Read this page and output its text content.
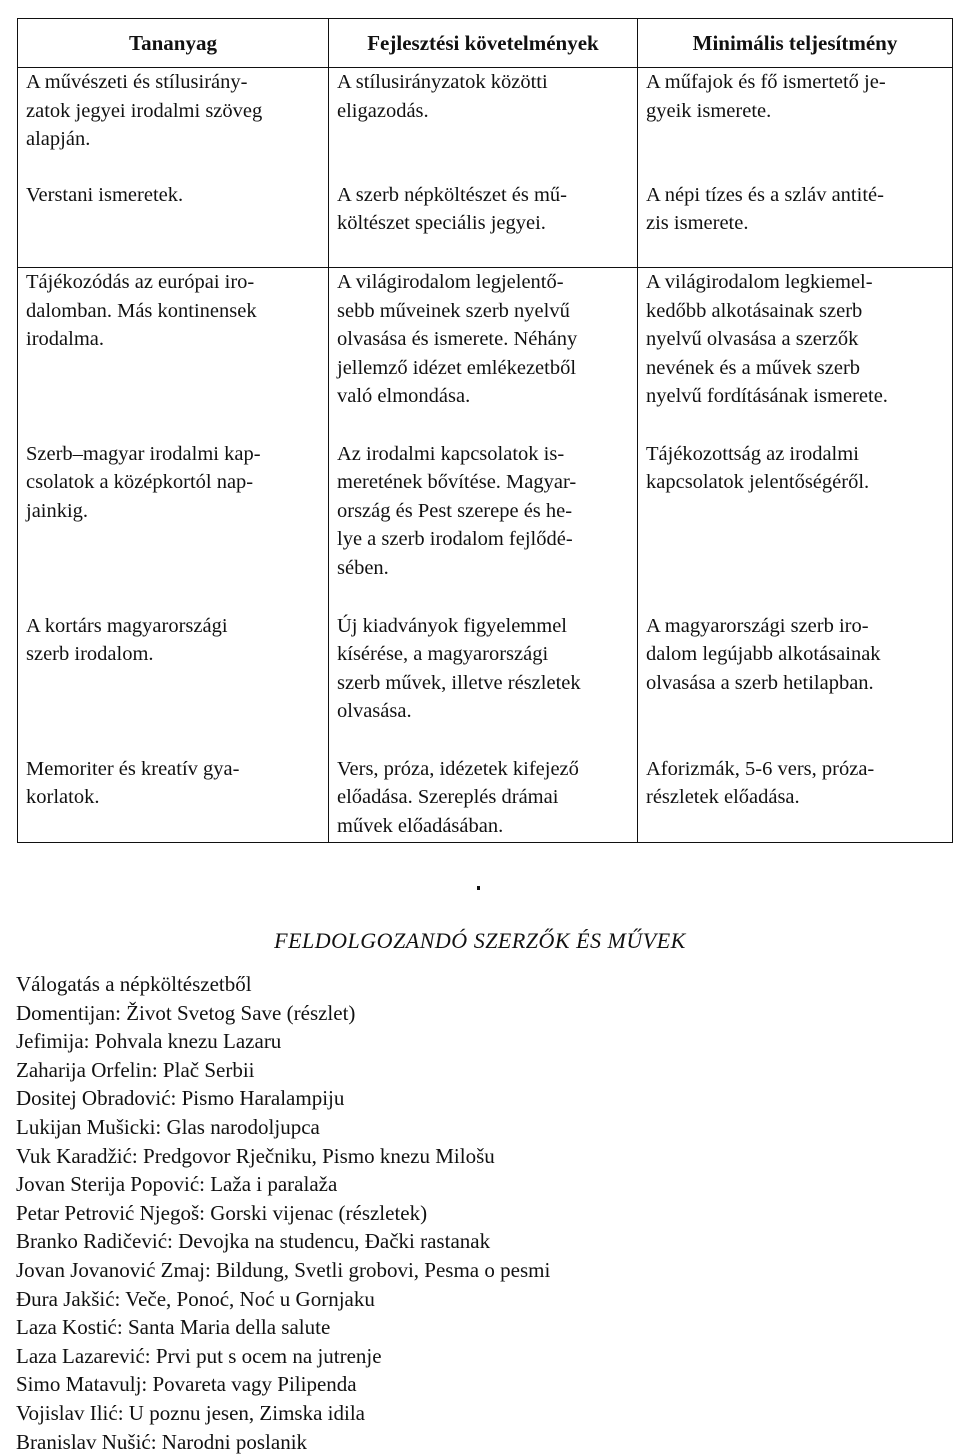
Tananyag	Fejlesztési követelmények	Minimális teljesítmény

A művészeti és stílusirány-
zatok jegyei irodalmi szöveg
alapján.	A stílusirányzatok közötti
eligazodás.	A műfajok és fő ismertető je-
gyeik ismerete.

Verstani ismeretek.	A szerb népköltészet és mű-
költészet speciális jegyei.	A népi tízes és a szláv antité-
zis ismerete.

Tájékozódás az európai iro-
dalomban. Más kontinensek
irodalma.	A világirodalom legjelentő-
sebb műveinek szerb nyelvű
olvasása és ismerete. Néhány
jellemző idézet emlékezetből
való elmondása.	A világirodalom legkiemel-
kedőbb alkotásainak szerb
nyelvű olvasása a szerzők
nevének és a művek szerb
nyelvű fordításának ismerete.

Szerb–magyar irodalmi kap-
csolatok a középkortól nap-
jainkig.	Az irodalmi kapcsolatok is-
meretének bővítése. Magyar-
ország és Pest szerepe és he-
lye a szerb irodalom fejlődé-
sében.	Tájékozottság az irodalmi
kapcsolatok jelentőségéről.

A kortárs magyarországi
szerb irodalom.	Új kiadványok figyelemmel
kísérése, a magyarországi
szerb művek, illetve részletek
olvasása.	A magyarországi szerb iro-
dalom legújabb alkotásainak
olvasása a szerb hetilapban.

Memoriter és kreatív gya-
korlatok.	Vers, próza, idézetek kifejező
előadása. Szereplés drámai
művek előadásában.	Aforizmák, 5-6 vers, próza-
részletek előadása.
FELDOLGOZANDÓ SZERZŐK ÉS MŰVEK
Válogatás a népköltészetből
Domentijan: Život Svetog Save (részlet)
Jefimija: Pohvala knezu Lazaru
Zaharija Orfelin: Plač Serbii
Dositej Obradović: Pismo Haralampiju
Lukijan Mušicki: Glas narodoljupca
Vuk Karadžić: Predgovor Rječniku, Pismo knezu Milošu
Jovan Sterija Popović: Laža i paralaža
Petar Petrović Njegoš: Gorski vijenac (részletek)
Branko Radičević: Devojka na studencu, Đački rastanak
Jovan Jovanović Zmaj: Bildung, Svetli grobovi, Pesma o pesmi
Đura Jakšić: Veče, Ponoć, Noć u Gornjaku
Laza Kostić: Santa Maria della salute
Laza Lazarević: Prvi put s ocem na jutrenje
Simo Matavulj: Povareta vagy Pilipenda
Vojislav Ilić: U poznu jesen, Zimska idila
Branislav Nušić: Narodni poslanik
